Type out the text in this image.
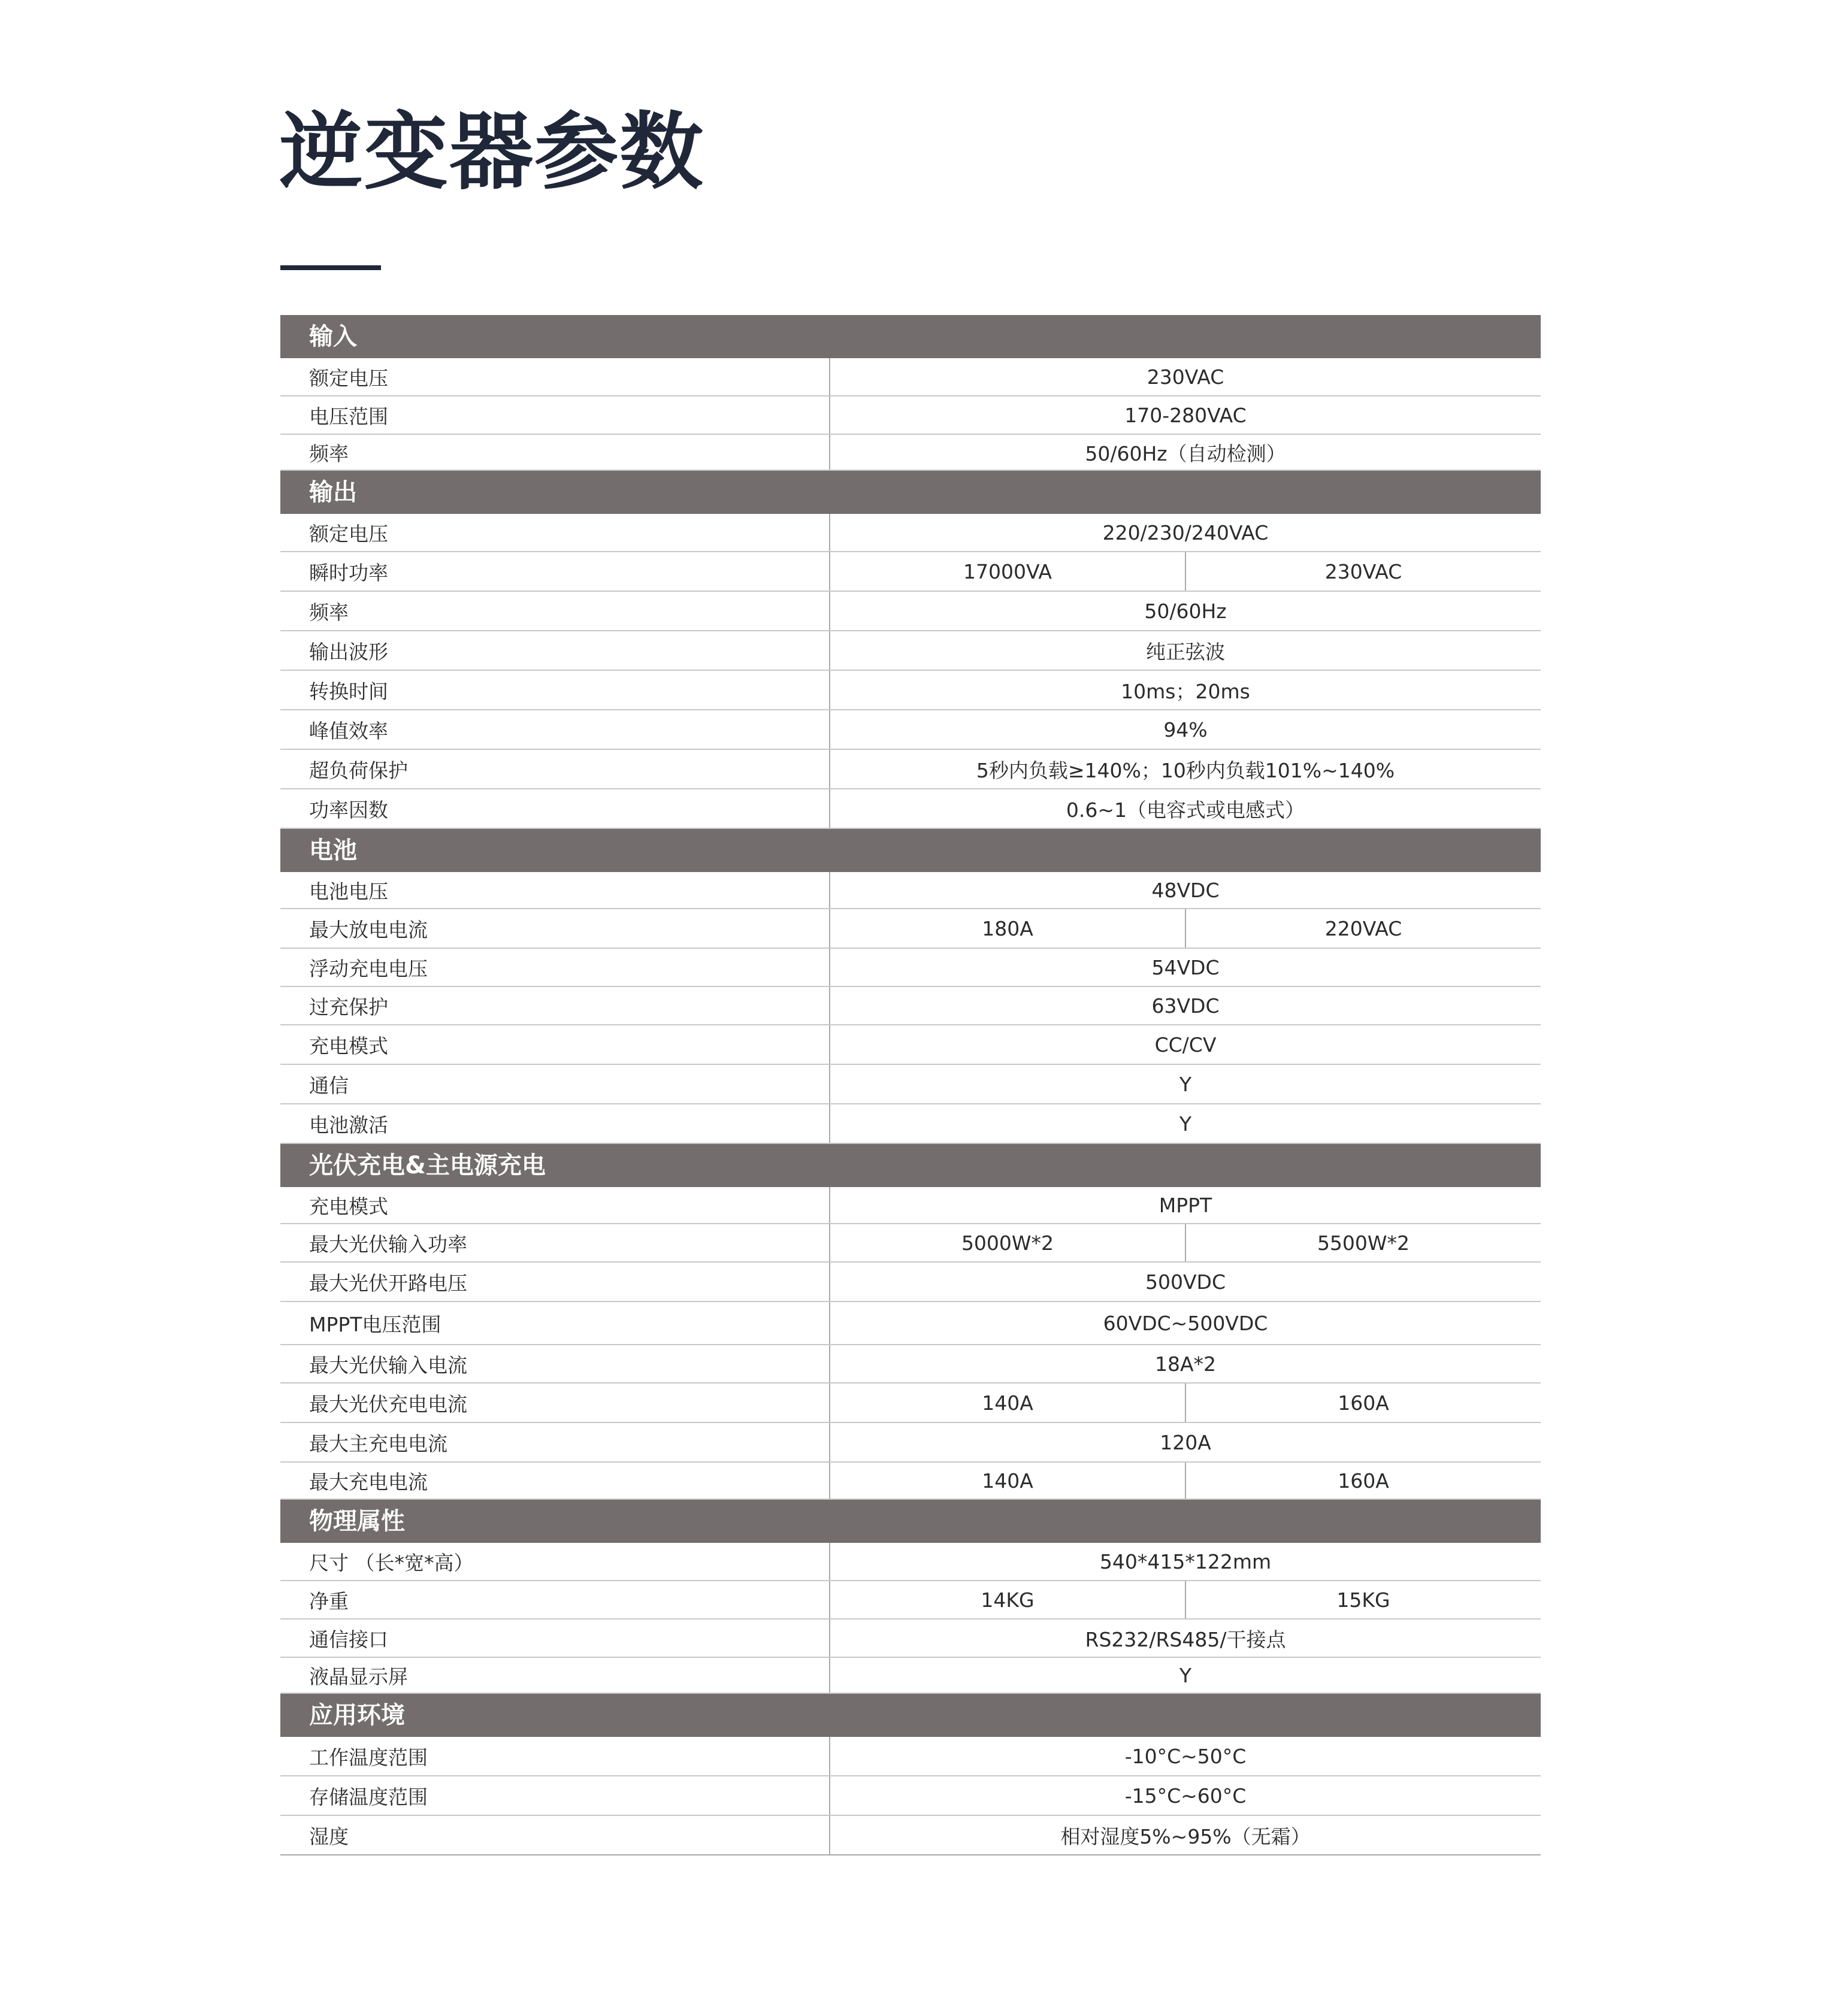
逆变器参数
输入
额定电压	230VAC
电压范围	170-280VAC
频率	50/60Hz（自动检测）
输出
额定电压	220/230/240VAC
瞬时功率	17000VA	230VAC
频率	50/60Hz
输出波形	纯正弦波
转换时间	10ms；20ms
峰值效率	94%
超负荷保护	5秒内负载≥140%；10秒内负载101%~140%
功率因数	0.6~1（电容式或电感式）
电池
电池电压	48VDC
最大放电电流	180A	220VAC
浮动充电电压	54VDC
过充保护	63VDC
充电模式	CC/CV
通信	Y
电池激活	Y
光伏充电&主电源充电
充电模式	MPPT
最大光伏输入功率	5000W*2	5500W*2
最大光伏开路电压	500VDC
MPPT电压范围	60VDC~500VDC
最大光伏输入电流	18A*2
最大光伏充电电流	140A	160A
最大主充电电流	120A
最大充电电流	140A	160A
物理属性
尺寸 （长*宽*高）	540*415*122mm
净重	14KG	15KG
通信接口	RS232/RS485/干接点
液晶显示屏	Y
应用环境
工作温度范围	-10°C~50°C
存储温度范围	-15°C~60°C
湿度	相对湿度5%~95%（无霜）
